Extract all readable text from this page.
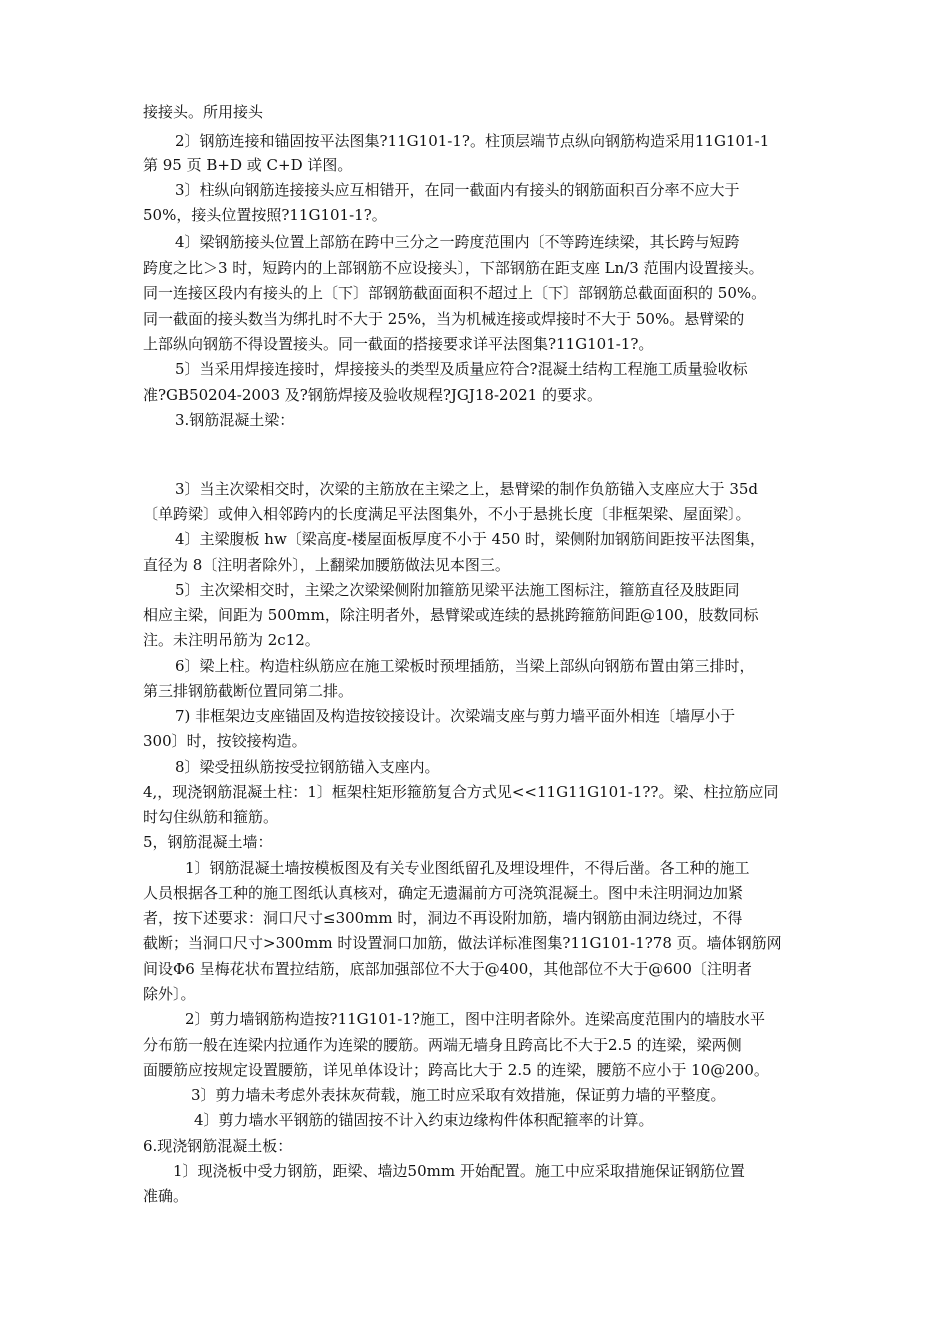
接接头。所用接头
2〕钢筋连接和锚固按平法图集?11G101-1?。柱顶层端节点纵向钢筋构造采用11G101-1
第 95 页 B+D 或 C+D 详图。
3〕柱纵向钢筋连接接头应互相错开，在同一截面内有接头的钢筋面积百分率不应大于
50%，接头位置按照?11G101-1?。
4〕梁钢筋接头位置上部筋在跨中三分之一跨度范围内〔不等跨连续梁，其长跨与短跨
跨度之比＞3 时，短跨内的上部钢筋不应设接头〕，下部钢筋在距支座 Ln/3 范围内设置接头。
同一连接区段内有接头的上〔下〕部钢筋截面面积不超过上〔下〕部钢筋总截面面积的 50%。
同一截面的接头数当为绑扎时不大于 25%，当为机械连接或焊接时不大于 50%。悬臂梁的
上部纵向钢筋不得设置接头。同一截面的搭接要求详平法图集?11G101-1?。
5〕当采用焊接连接时，焊接接头的类型及质量应符合?混凝土结构工程施工质量验收标
准?GB50204-2003 及?钢筋焊接及验收规程?JGJ18-2021 的要求。
3.钢筋混凝土梁：
3〕当主次梁相交时，次梁的主筋放在主梁之上，悬臂梁的制作负筋锚入支座应大于 35d
〔单跨梁〕或伸入相邻跨内的长度满足平法图集外，不小于悬挑长度〔非框架梁、屋面梁〕。
4〕主梁腹板 hw〔梁高度-楼屋面板厚度不小于 450 时，梁侧附加钢筋间距按平法图集，
直径为 8〔注明者除外〕，上翻梁加腰筋做法见本图三。
5〕主次梁相交时，主梁之次梁梁侧附加箍筋见梁平法施工图标注，箍筋直径及肢距同
相应主梁，间距为 500mm，除注明者外，悬臂梁或连续的悬挑跨箍筋间距@100，肢数同标
注。未注明吊筋为 2c12。
6〕梁上柱。构造柱纵筋应在施工梁板时预埋插筋，当梁上部纵向钢筋布置由第三排时，
第三排钢筋截断位置同第二排。
7) 非框架边支座锚固及构造按铰接设计。次梁端支座与剪力墙平面外相连〔墙厚小于
300〕时，按铰接构造。
8〕梁受扭纵筋按受拉钢筋锚入支座内。
4,，现浇钢筋混凝土柱：1〕框架柱矩形箍筋复合方式见<<11G11G101-1??。梁、柱拉筋应同
时勾住纵筋和箍筋。
5，钢筋混凝土墙：
1〕钢筋混凝土墙按模板图及有关专业图纸留孔及埋设埋件，不得后凿。各工种的施工
人员根据各工种的施工图纸认真核对，确定无遗漏前方可浇筑混凝土。图中未注明洞边加紧
者，按下述要求：洞口尺寸≤300mm 时，洞边不再设附加筋，墙内钢筋由洞边绕过，不得
截断；当洞口尺寸>300mm 时设置洞口加筋，做法详标准图集?11G101-1?78 页。墙体钢筋网
间设Φ6 呈梅花状布置拉结筋，底部加强部位不大于@400，其他部位不大于@600〔注明者
除外〕。
2〕剪力墙钢筋构造按?11G101-1?施工，图中注明者除外。连梁高度范围内的墙肢水平
分布筋一般在连梁内拉通作为连梁的腰筋。两端无墙身且跨高比不大于2.5 的连梁，梁两侧
面腰筋应按规定设置腰筋，详见单体设计；跨高比大于 2.5 的连梁，腰筋不应小于 10@200。
3〕剪力墙未考虑外表抹灰荷载，施工时应采取有效措施，保证剪力墙的平整度。
4〕剪力墙水平钢筋的锚固按不计入约束边缘构件体积配箍率的计算。
6.现浇钢筋混凝土板：
1〕现浇板中受力钢筋，距梁、墙边50mm 开始配置。施工中应采取措施保证钢筋位置
准确。
